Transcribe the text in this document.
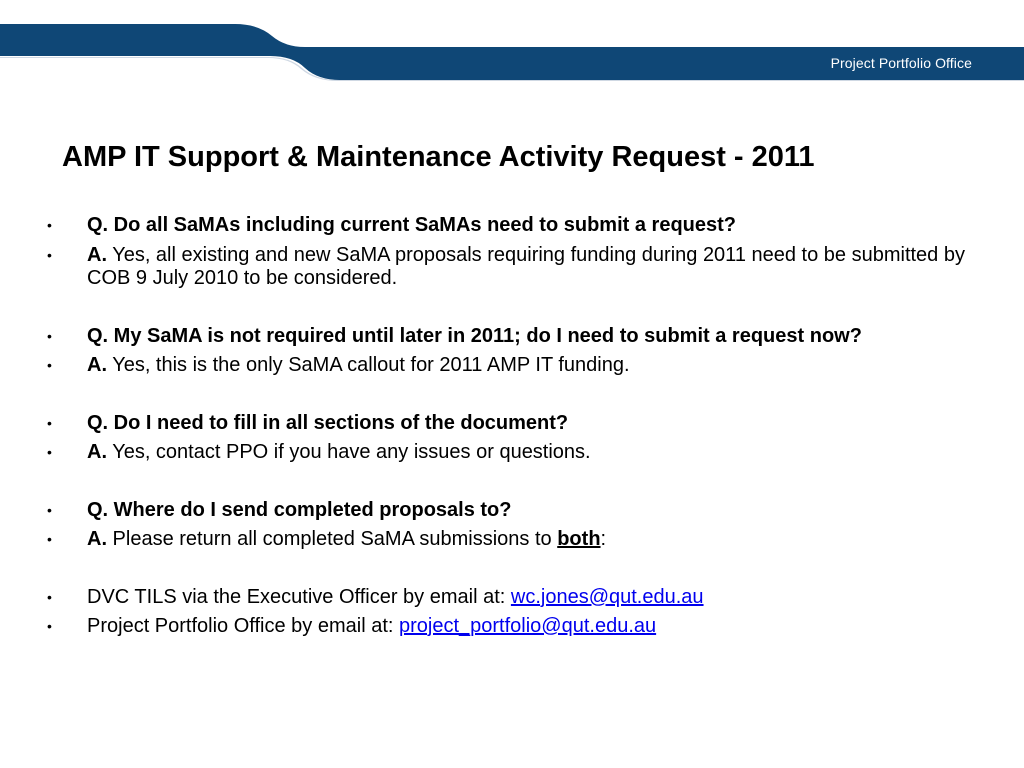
Project Portfolio Office
AMP IT Support & Maintenance Activity Request - 2011
• Q. Do all SaMAs including current SaMAs need to submit a request?
• A. Yes, all existing and new SaMA proposals requiring funding during 2011 need to be submitted by COB 9 July 2010 to be considered.
• Q. My SaMA is not required until later in 2011; do I need to submit a request now?
• A. Yes, this is the only SaMA callout for 2011 AMP IT funding.
• Q. Do I need to fill in all sections of the document?
• A. Yes, contact PPO if you have any issues or questions.
• Q. Where do I send completed proposals to?
• A. Please return all completed SaMA submissions to both:
• DVC TILS via the Executive Officer by email at: wc.jones@qut.edu.au
• Project Portfolio Office by email at: project_portfolio@qut.edu.au
